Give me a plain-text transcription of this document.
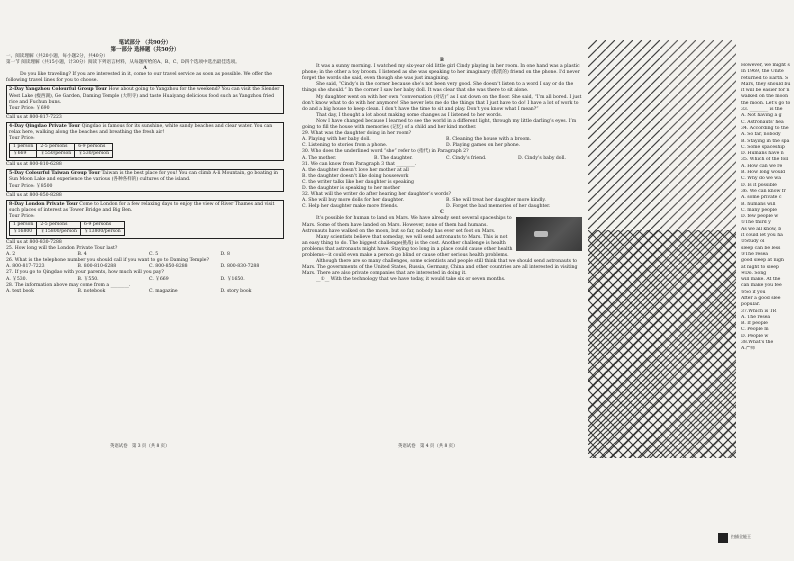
笔试部分 （共90分）

第一部分 选择题（共50分）

一、阅读理解（共20小题，每小题2分，共40分）

第一节 阅读理解（共15小题，计30分）阅读下列语言材料，从每题所给的A、B、C、D四个选项中选出最佳选项。

A

Do you like traveling? If you are interested in it, come to our travel service as soon as possible. We offer the following travel lines for you to choose.

2-Day Yangzhou Colourful Group Tour How about going to Yangzhou for the weekend? You can visit the Slender West Lake (瘦西湖), Ge Garden, Daming Temple (大明寺) and taste Huaiyang delicious food such as Yangzhou fried rice and Fuchun buns.

Tour Price: ￥690

Call us at 800-817-7223

4-Day Qingdao Private Tour Qingdao is famous for its sunshine, white sandy beaches and clear water. You can relax here, walking along the beaches and breathing the fresh air!

Tour Price:

1 person	2-5 persons	6-9 persons
￥669	￥550/person	￥530/person

Call us at 800-810-6288

5-Day Colourful Taiwan Group Tour Taiwan is the best place for you! You can climb A-li Mountain, go boating in Sun Moon Lake and experience the various (各种各样的) cultures of the island.

Tour Price: ￥8500

Call us at 800-850-8288

8-Day London Private Tour Come to London for a few relaxing days to enjoy the view of River Thames and visit such places of interest as Tower Bridge and Big Ben.

Tour Price:

1 person	2-5 persons	6-9 persons
￥16800	￥15800/person	￥13800/person

Call us at 800-830-7288

25. How long will the London Private Tour last?

A. 2	B. 4	C. 5	D. 8

26. What is the telephone number you should call if you want to go to Daming Temple?

A. 800-817-7223	B. 800-810-6288	C. 800-850-8288	D. 800-830-7288

27. If you go to Qingdao with your parents, how much will you pay?

A. ￥530.	B. ￥550.	C. ￥669	D. ￥1650.

28. The information above may come from a ________.

A. text book	B. notebook	C. magazine	D. story book
英语试卷　第 3 页（共 8 页）

B

It was a sunny morning. I watched my six-year old little girl Cindy playing in her room. In one hand was a plastic phone; in the other a toy broom. I listened as she was speaking to her imaginary (假装的) friend on the phone. I'd never forget the words she said, even though she was just imagining.

She said, “Cindy’s in the corner because she’s not been very good. She doesn’t listen to a word I say or do the things she should.” In the corner I saw her baby doll. It was clear that she was there to sit alone.

My daughter went on with her own “conversation (对话)” as I sat down on the floor. She said, “I’m all bored. I just don’t know what to do with her anymore! She never lets me do the things that I just have to do! I have a lot of work to do and a big house to keep clean. I don’t have the time to sit and play. Don’t you know what I mean?”

That day, I thought a lot about making some changes as I listened to her words.

Now I have changed because I learned to see the world in a different light, through my little darling’s eyes. I’m going to fill the house with memories (记忆) of a child and her kind mother.

29. What was the daughter doing in her room?

A. Playing with her baby doll.	B. Cleaning the house with a broom.
C. Listening to stories from a phone.	D. Playing games on her phone.

30. Who does the underlined word “she” refer to (指代) in Paragraph 2?

A. The mother.	B. The daughter.	C. Cindy’s friend.	D. Cindy’s baby doll.

31. We can know from Paragraph 3 that ________.

A. the daughter doesn’t love her mother at all

B. the daughter doesn’t like doing housework

C. the writer talks like her daughter is speaking

D. the daughter is speaking to her mother

32. What will the writer do after hearing her daughter’s words?

A. She will buy more dolls for her daughter.	B. She will treat her daughter more kindly.
C. Help her daughter make more friends.	D. Forget the bad memories of her daughter.

C

It’s possible for human to land on Mars. We have already sent several spaceships to Mars. Some of them have landed on Mars. However, none of them had humans. Astronauts have walked on the moon, but so far, nobody has ever set foot on Mars.

Many scientists believe that someday, we will send astronauts to Mars. This is not an easy thing to do. The biggest challenge(挑战) is the cost. Another challenge is health problems that astronauts might have. Staying too long in a place could cause other health problems—it could even make a person go blind or cause other serious health problems.

Although there are so many challenges, some scientists and people still think that we should send astronauts to Mars. The governments of the United States, Russia, Germany, China and other countries are all interested in visiting Mars. There are also private companies that are interested in doing it.

__①__ With the technology that we have today, it would take six or seven months.

英语试卷　第 4 页（共 8 页）

However, we might s

In 1969, the Unite

returned to Earth. S

Mars, they should bu

it will be easier for n

walked on the moon

the moon. Let's go to

33. ________ is the

A. Not having a g

C. Astronauts' hea

34. According to the

A. So far, nobody

B. Staying in the spa

C. Some spaceship

D. Humans have n

35. Which of the foll

A. How can we re

B. How long would

C. Why do we wa

D. Is it possible

36. We can know fr

A. some private c

B. humans will

C. many people

D. few people w

①The third y

As we all know, b

it could let you ha

②Study ol

sleep can be less

③The resea

good sleep at nigh

at night to sleep

④Do. Song

will make. At the

can make you fee

⑤So if you

After a good slee

popular.

37.Which is TR

A. The resea

B. If people

C. People m

D. People w

38.What's the

A.严师

扫描全能王
